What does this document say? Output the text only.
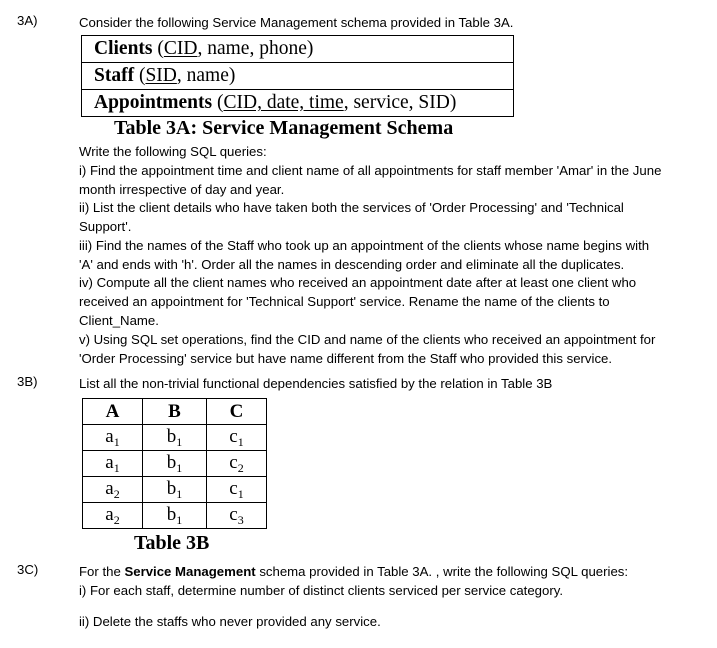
3A)	Consider the following Service Management schema provided in Table 3A.
Clients (CID, name, phone)
Staff (SID, name)
Appointments (CID, date, time, service, SID)
Table 3A: Service Management Schema
Write the following SQL queries:
i) Find the appointment time and client name of all appointments for staff member 'Amar' in the June
month irrespective of day and year.
ii) List the client details who have taken both the services of 'Order Processing' and 'Technical
Support'.
iii) Find the names of the Staff who took up an appointment of the clients whose name begins with
'A' and ends with 'h'. Order all the names in descending order and eliminate all the duplicates.
iv) Compute all the client names who received an appointment date after at least one client who
received an appointment for 'Technical Support' service. Rename the name of the clients to
Client_Name.
v) Using SQL set operations, find the CID and name of the clients who received an appointment for
'Order Processing' service but have name different from the Staff who provided this service.
3B)	List all the non-trivial functional dependencies satisfied by the relation in Table 3B
A	B	C
$a_1$	$b_1$	$c_1$
$a_1$	$b_1$	$c_2$
$a_2$	$b_1$	$c_1$
$a_2$	$b_1$	$c_3$
Table 3B
3C)	For the Service Management schema provided in Table 3A. , write the following SQL queries:
i) For each staff, determine number of distinct clients serviced per service category.
ii) Delete the staffs who never provided any service.
